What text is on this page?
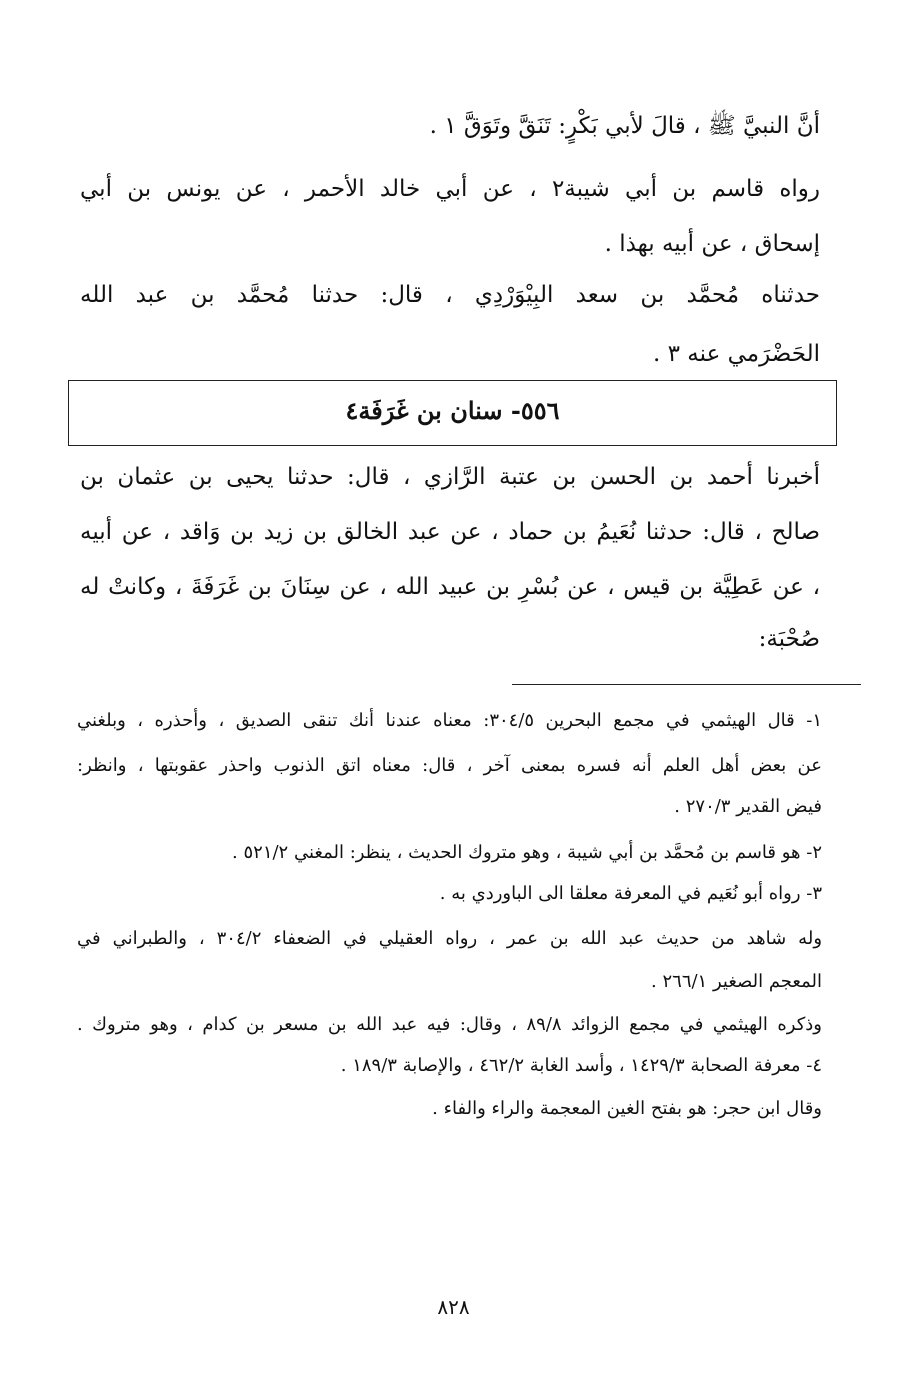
أنَّ النبيَّ ﷺ ، قالَ لأبي بَكْرٍ: تَنَقَّ وتَوَقَّ ١ .
رواه قاسم بن أبي شيبة٢ ، عن أبي خالد الأحمر ، عن يونس بن أبي
إسحاق ، عن أبيه بهذا .
حدثناه مُحمَّد بن سعد البِيْوَرْدِي ، قال: حدثنا مُحمَّد بن عبد الله
الحَضْرَمي عنه ٣ .
٥٥٦- سنان بن غَرَفَة٤
أخبرنا أحمد بن الحسن بن عتبة الرَّازي ، قال: حدثنا يحيى بن عثمان بن
صالح ، قال: حدثنا نُعَيمُ بن حماد ، عن عبد الخالق بن زيد بن وَاقد ، عن أبيه
، عن عَطِيَّة بن قيس ، عن بُسْرِ بن عبيد الله ، عن سِنَانَ بن غَرَفَةَ ، وكانتْ له
صُحْبَة:
١- قال الهيثمي في مجمع البحرين ٣٠٤/٥: معناه عندنا أنك تنقى الصديق ، وأحذره ، وبلغني
عن بعض أهل العلم أنه فسره بمعنى آخر ، قال: معناه اتق الذنوب واحذر عقوبتها ، وانظر:
فيض القدير ٢٧٠/٣ .
٢- هو قاسم بن مُحمَّد بن أبي شيبة ، وهو متروك الحديث ، ينظر: المغني ٥٢١/٢ .
٣- رواه أبو نُعَيم في المعرفة معلقا الى الباوردي به .
وله شاهد من حديث عبد الله بن عمر ، رواه العقيلي في الضعفاء ٣٠٤/٢ ، والطبراني في
المعجم الصغير ٢٦٦/١ .
وذكره الهيثمي في مجمع الزوائد ٨٩/٨ ، وقال: فيه عبد الله بن مسعر بن كدام ، وهو متروك .
٤- معرفة الصحابة ١٤٢٩/٣ ، وأسد الغابة ٤٦٢/٢ ، والإصابة ١٨٩/٣ .
وقال ابن حجر: هو بفتح الغين المعجمة والراء والفاء .
٨٢٨
